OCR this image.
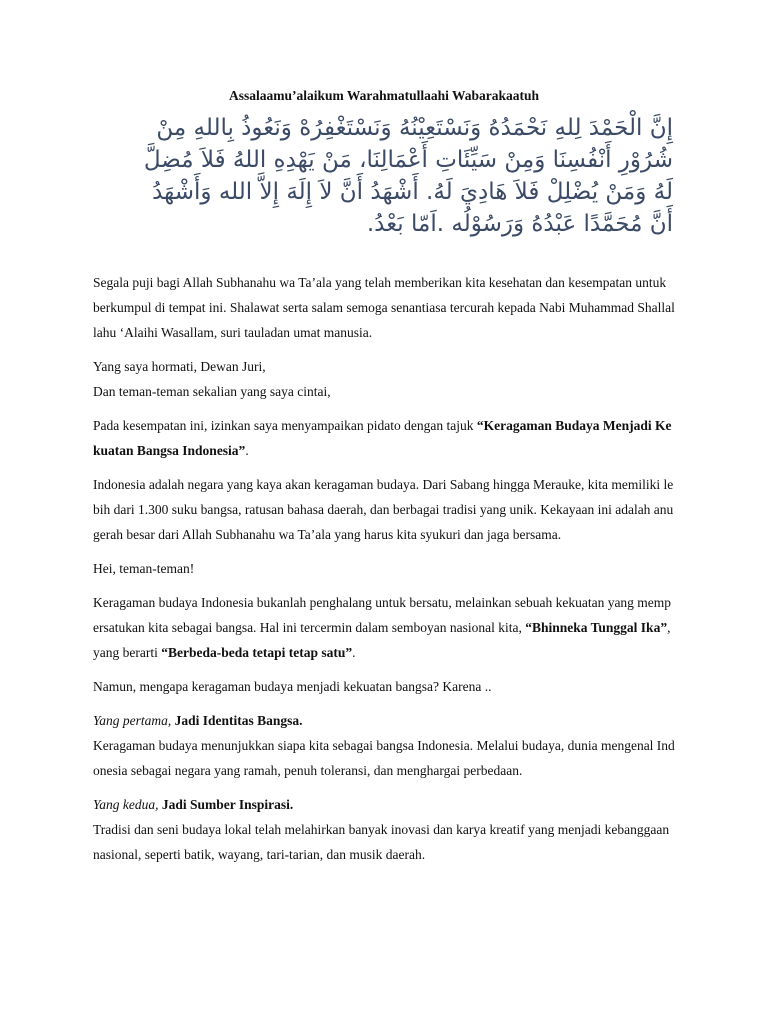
Assalaamu’alaikum Warahmatullaahi Wabarakaatuh
إِنَّ الْحَمْدَ لِلهِ نَحْمَدُهُ وَنَسْتَعِيْنُهُ وَنَسْتَغْفِرُهْ وَنَعُوذُ بِاللهِ مِنْ
شُرُوْرِ أَنْفُسِنَا وَمِنْ سَيِّئَاتِ أَعْمَالِنَا، مَنْ يَهْدِهِ اللهُ فَلاَ مُضِلَّ
لَهُ وَمَنْ يُضْلِلْ فَلاَ هَادِيَ لَهُ. أَشْهَدُ أَنَّ لاَ إِلَهَ إِلاَّ الله وَأَشْهَدُ
أَنَّ مُحَمَّدًا عَبْدُهُ وَرَسُوْلُه .اَمّا بَعْدُ.

Segala puji bagi Allah Subhanahu wa Ta’ala yang telah memberikan kita kesehatan dan kesempatan untuk berkumpul di tempat ini. Shalawat serta salam semoga senantiasa tercurah kepada Nabi Muhammad Shallallahu ‘Alaihi Wasallam, suri tauladan umat manusia.

Yang saya hormati, Dewan Juri,
Dan teman-teman sekalian yang saya cintai,

Pada kesempatan ini, izinkan saya menyampaikan pidato dengan tajuk “Keragaman Budaya Menjadi Kekuatan Bangsa Indonesia”.

Indonesia adalah negara yang kaya akan keragaman budaya. Dari Sabang hingga Merauke, kita memiliki lebih dari 1.300 suku bangsa, ratusan bahasa daerah, dan berbagai tradisi yang unik. Kekayaan ini adalah anugerah besar dari Allah Subhanahu wa Ta’ala yang harus kita syukuri dan jaga bersama.

Hei, teman-teman!

Keragaman budaya Indonesia bukanlah penghalang untuk bersatu, melainkan sebuah kekuatan yang mempersatukan kita sebagai bangsa. Hal ini tercermin dalam semboyan nasional kita, “Bhinneka Tunggal Ika”, yang berarti “Berbeda-beda tetapi tetap satu”.

Namun, mengapa keragaman budaya menjadi kekuatan bangsa? Karena ..

Yang pertama, Jadi Identitas Bangsa.
Keragaman budaya menunjukkan siapa kita sebagai bangsa Indonesia. Melalui budaya, dunia mengenal Indonesia sebagai negara yang ramah, penuh toleransi, dan menghargai perbedaan.

Yang kedua, Jadi Sumber Inspirasi.
Tradisi dan seni budaya lokal telah melahirkan banyak inovasi dan karya kreatif yang menjadi kebanggaan nasional, seperti batik, wayang, tari-tarian, dan musik daerah.
